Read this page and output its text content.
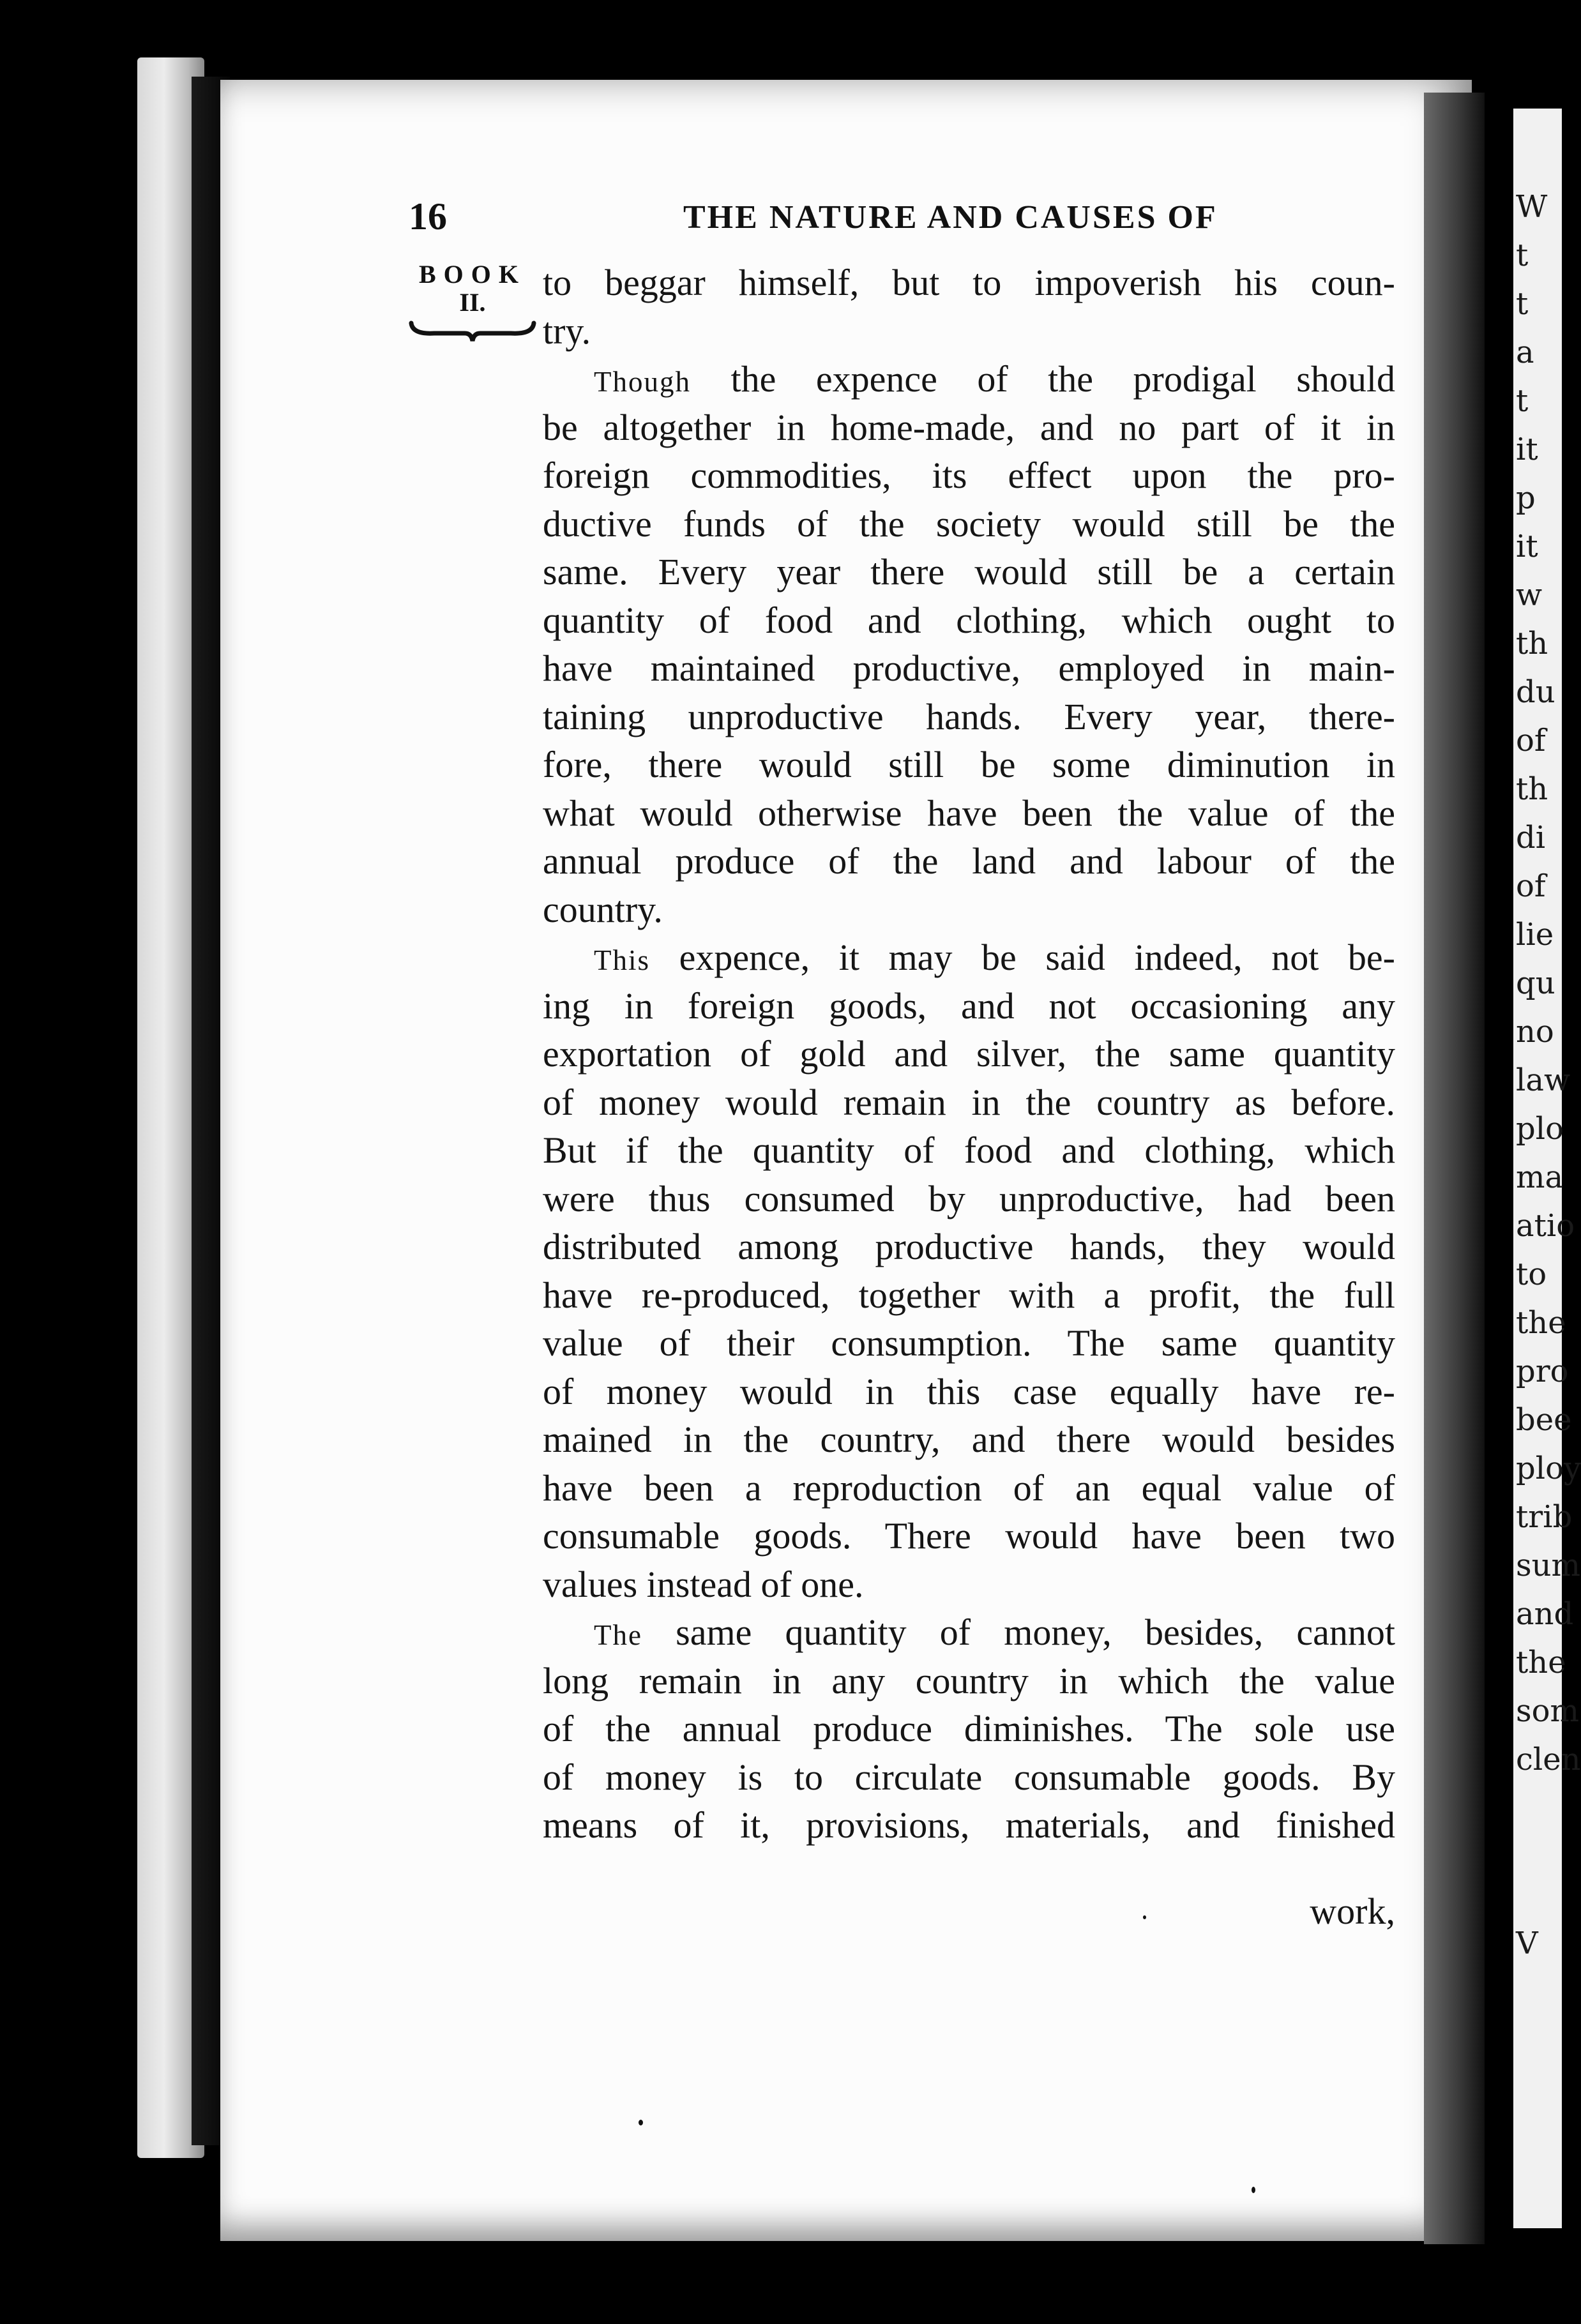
W
t
t
a
t
it
p
it
w
th
du
of
th
di
of
lie
qu
no
law
plo
ma
atio
to
the
pro
bee
ploy
trib
sum
and
the
som
clen
V
16	THE NATURE AND CAUSES OF
BOOK
II.	to beggar himself, but to impoverish his coun-
try.
Though the expence of the prodigal should
be altogether in home-made, and no part of it in
foreign commodities, its effect upon the pro-
ductive funds of the society would still be the
same. Every year there would still be a certain
quantity of food and clothing, which ought to
have maintained productive, employed in main-
taining unproductive hands. Every year, there-
fore, there would still be some diminution in
what would otherwise have been the value of the
annual produce of the land and labour of the
country.
This expence, it may be said indeed, not be-
ing in foreign goods, and not occasioning any
exportation of gold and silver, the same quantity
of money would remain in the country as before.
But if the quantity of food and clothing, which
were thus consumed by unproductive, had been
distributed among productive hands, they would
have re-produced, together with a profit, the full
value of their consumption. The same quantity
of money would in this case equally have re-
mained in the country, and there would besides
have been a reproduction of an equal value of
consumable goods. There would have been two
values instead of one.
The same quantity of money, besides, cannot
long remain in any country in which the value
of the annual produce diminishes. The sole use
of money is to circulate consumable goods. By
means of it, provisions, materials, and finished
work,
